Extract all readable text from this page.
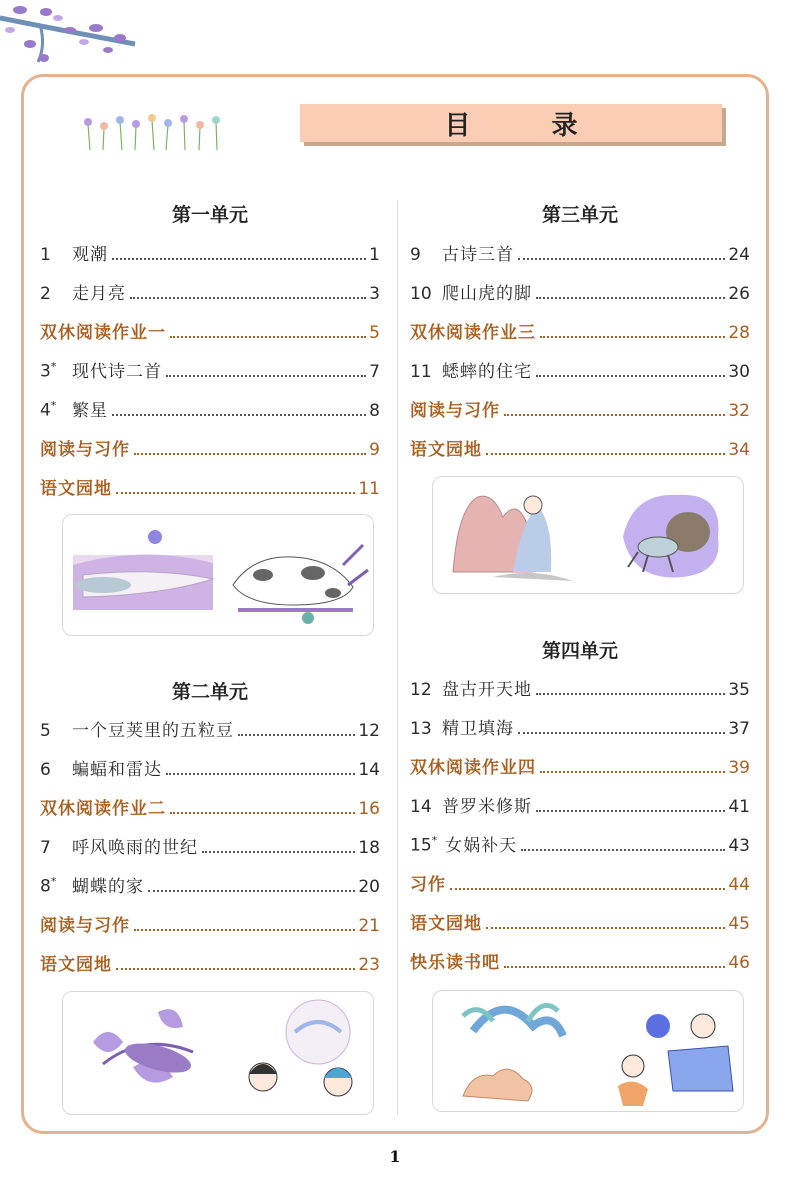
目 录
第一单元
1	观潮	1
2	走月亮	3
双休阅读作业一	5
3* 现代诗二首	7
4* 繁星	8
阅读与习作	9
语文园地	11
第二单元
5	一个豆荚里的五粒豆	12
6	蝙蝠和雷达	14
双休阅读作业二	16
7	呼风唤雨的世纪	18
8* 蝴蝶的家	20
阅读与习作	21
语文园地	23
第三单元
9	古诗三首	24
10 爬山虎的脚	26
双休阅读作业三	28
11 蟋蟀的住宅	30
阅读与习作	32
语文园地	34
第四单元
12 盘古开天地	35
13 精卫填海	37
双休阅读作业四	39
14 普罗米修斯	41
15* 女娲补天	43
习作	44
语文园地	45
快乐读书吧	46
1
